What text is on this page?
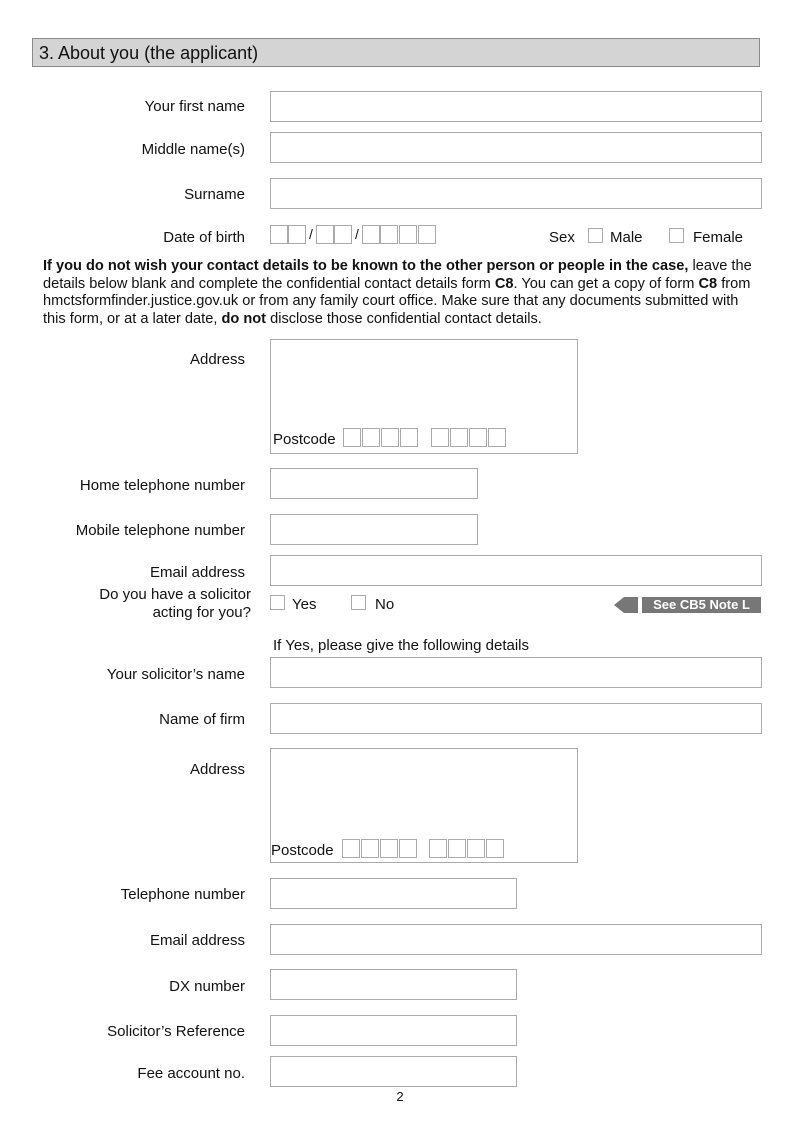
3. About you (the applicant)
Your first name
Middle name(s)
Surname
Date of birth	/	/	Sex Male	Female
If you do not wish your contact details to be known to the other person or people in the case, leave the details below blank and complete the confidential contact details form C8. You can get a copy of form C8 from hmctsformfinder.justice.gov.uk or from any family court office. Make sure that any documents submitted with this form, or at a later date, do not disclose those confidential contact details.
Address
Postcode
Home telephone number
Mobile telephone number
Email address
Do you have a solicitor
acting for you?	Yes	No	See CB5 Note L
If Yes, please give the following details
Your solicitor’s name
Name of firm
Address
Postcode
Telephone number
Email address
DX number
Solicitor’s Reference
Fee account no.
2
